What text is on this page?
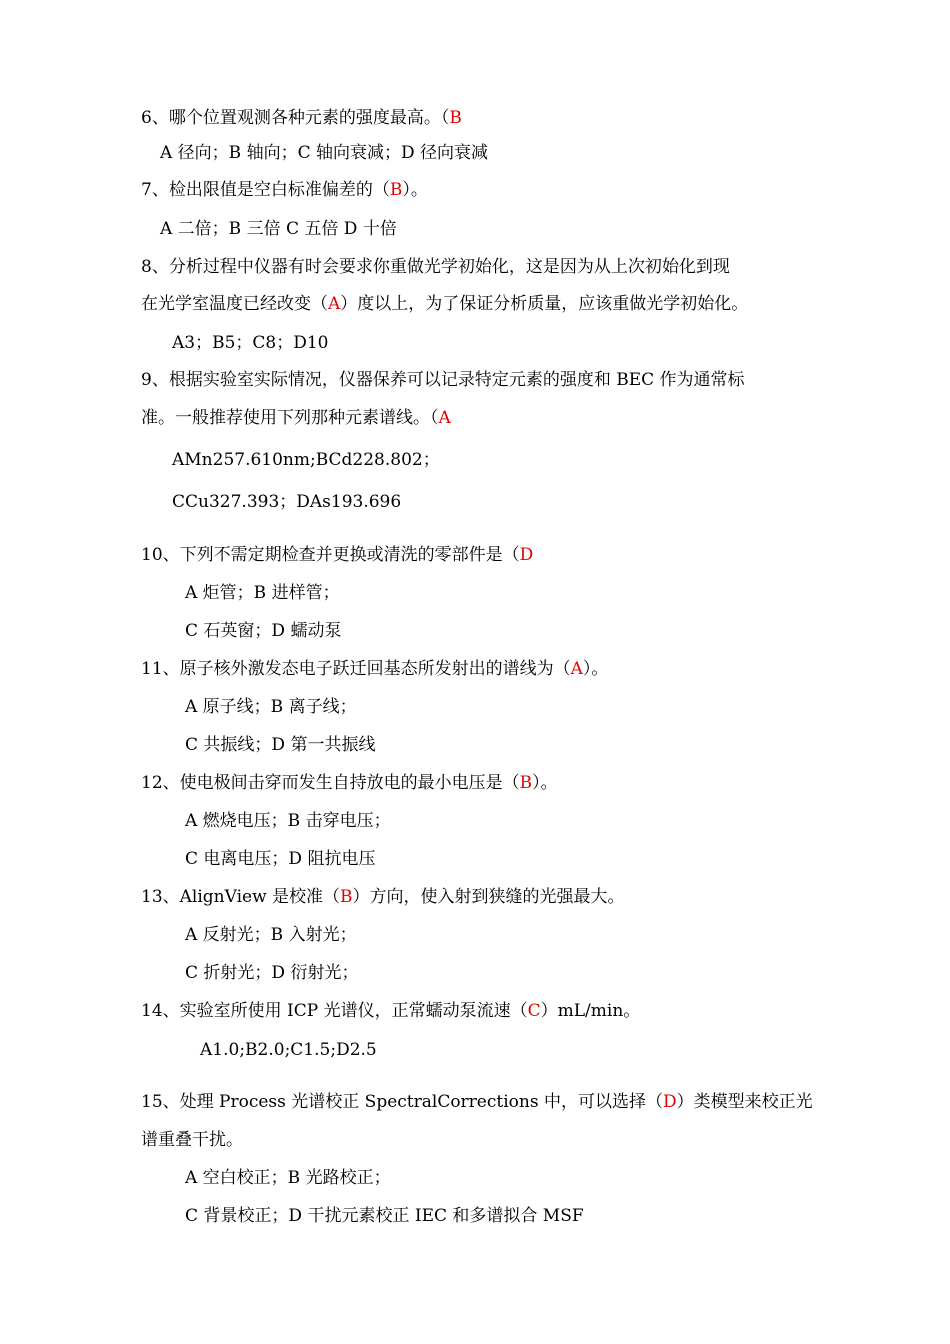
6、哪个位置观测各种元素的强度最高。（B
A 径向；B 轴向；C 轴向衰减；D 径向衰减
7、检出限值是空白标准偏差的（B）。
A 二倍；B 三倍 C 五倍 D 十倍
8、分析过程中仪器有时会要求你重做光学初始化，这是因为从上次初始化到现
在光学室温度已经改变（A）度以上，为了保证分析质量，应该重做光学初始化。
A3；B5；C8；D10
9、根据实验室实际情况，仪器保养可以记录特定元素的强度和 BEC 作为通常标
准。一般推荐使用下列那种元素谱线。（A
AMn257.610nm;BCd228.802；
CCu327.393；DAs193.696
10、下列不需定期检查并更换或清洗的零部件是（D
A 炬管；B 进样管；
C 石英窗；D 蠕动泵
11、原子核外激发态电子跃迁回基态所发射出的谱线为（A）。
A 原子线；B 离子线；
C 共振线；D 第一共振线
12、使电极间击穿而发生自持放电的最小电压是（B）。
A 燃烧电压；B 击穿电压；
C 电离电压；D 阻抗电压
13、AlignView 是校准（B）方向，使入射到狭缝的光强最大。
A 反射光；B 入射光；
C 折射光；D 衍射光；
14、实验室所使用 ICP 光谱仪，正常蠕动泵流速（C）mL/min。
A1.0;B2.0;C1.5;D2.5
15、处理 Process 光谱校正 SpectralCorrections 中，可以选择（D）类模型来校正光
谱重叠干扰。
A 空白校正；B 光路校正；
C 背景校正；D 干扰元素校正 IEC 和多谱拟合 MSF
